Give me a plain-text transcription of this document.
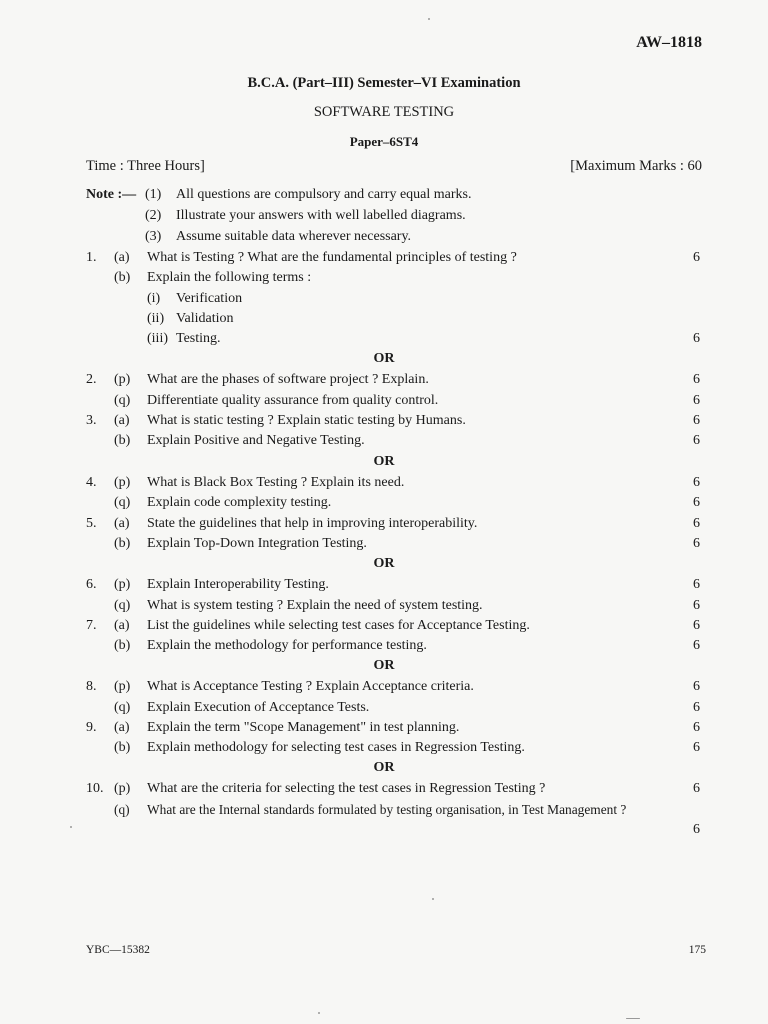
AW–1818
B.C.A. (Part–III) Semester–VI Examination
SOFTWARE TESTING
Paper–6ST4
Time : Three Hours]	[Maximum Marks : 60
Note :— (1) All questions are compulsory and carry equal marks.
(2) Illustrate your answers with well labelled diagrams.
(3) Assume suitable data wherever necessary.
1. (a) What is Testing ? What are the fundamental principles of testing ?	6
(b) Explain the following terms :
(i) Verification
(ii) Validation
(iii) Testing.	6
OR
2. (p) What are the phases of software project ? Explain.	6
(q) Differentiate quality assurance from quality control.	6
3. (a) What is static testing ? Explain static testing by Humans.	6
(b) Explain Positive and Negative Testing.	6
OR
4. (p) What is Black Box Testing ? Explain its need.	6
(q) Explain code complexity testing.	6
5. (a) State the guidelines that help in improving interoperability.	6
(b) Explain Top-Down Integration Testing.	6
OR
6. (p) Explain Interoperability Testing.	6
(q) What is system testing ? Explain the need of system testing.	6
7. (a) List the guidelines while selecting test cases for Acceptance Testing.	6
(b) Explain the methodology for performance testing.	6
OR
8. (p) What is Acceptance Testing ? Explain Acceptance criteria.	6
(q) Explain Execution of Acceptance Tests.	6
9. (a) Explain the term "Scope Management" in test planning.	6
(b) Explain methodology for selecting test cases in Regression Testing.	6
OR
10. (p) What are the criteria for selecting the test cases in Regression Testing ?	6
(q) What are the Internal standards formulated by testing organisation, in Test Management ?
6
YBC—15382	175
